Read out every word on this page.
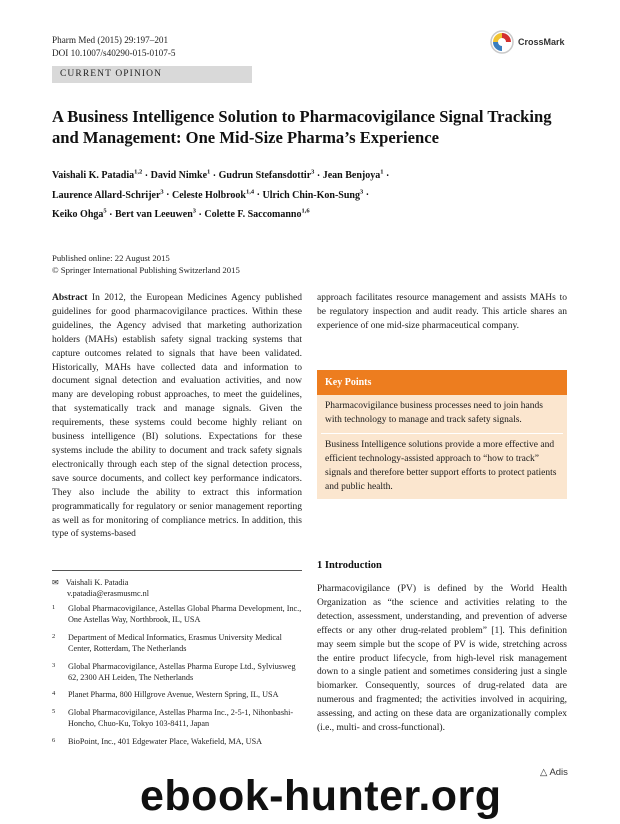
Pharm Med (2015) 29:197–201
DOI 10.1007/s40290-015-0107-5
CrossMark
CURRENT OPINION
A Business Intelligence Solution to Pharmacovigilance Signal Tracking and Management: One Mid-Size Pharma’s Experience
Vaishali K. Patadia$^{1,2}$ · David Nimke$^1$ · Gudrun Stefansdottir$^3$ · Jean Benjoya$^1$ ·
Laurence Allard-Schrijer$^3$ · Celeste Holbrook$^{1,4}$ · Ulrich Chin-Kon-Sung$^3$ ·
Keiko Ohga$^5$ · Bert van Leeuwen$^3$ · Colette F. Saccomanno$^{1,6}$
Published online: 22 August 2015
© Springer International Publishing Switzerland 2015
Abstract In 2012, the European Medicines Agency published guidelines for good pharmacovigilance practices. Within these guidelines, the Agency advised that marketing authorization holders (MAHs) establish safety signal tracking systems that capture outcomes related to signals that have been validated. Historically, MAHs have collected data and information to document signal detection and evaluation activities, and now many are developing robust approaches, to meet the guidelines, that systematically track and manage signals. Given the requirements, these systems could become highly reliant on business intelligence (BI) solutions. Expectations for these systems include the ability to document and track safety signals electronically through each step of the signal detection process, save source documents, and collect key performance indicators. They also include the ability to extract this information programmatically for regulatory or senior management reporting as well as for monitoring of compliance metrics. In addition, this type of systems-based
approach facilitates resource management and assists MAHs to be regulatory inspection and audit ready. This article shares an experience of one mid-size pharmaceutical company.
Key Points
Pharmacovigilance business processes need to join hands with technology to manage and track safety signals.
Business Intelligence solutions provide a more effective and efficient technology-assisted approach to “how to track” signals and therefore better support efforts to protect patients and public health.
1 Introduction
Pharmacovigilance (PV) is defined by the World Health Organization as “the science and activities relating to the detection, assessment, understanding, and prevention of adverse effects or any other drug-related problem” [1]. This definition may seem simple but the scope of PV is wide, stretching across the entire product lifecycle, from high-level risk management down to a single patient and sometimes considering just a single biomarker. Consequently, sources of drug-related data are numerous and fragmented; the activities involved in acquiring, assessing, and acting on these data are organizationally complex (i.e., multi- and cross-functional).
✉ Vaishali K. Patadia
v.patadia@erasmusmc.nl
1	Global Pharmacovigilance, Astellas Global Pharma Development, Inc., One Astellas Way, Northbrook, IL, USA
2	Department of Medical Informatics, Erasmus University Medical Center, Rotterdam, The Netherlands
3	Global Pharmacovigilance, Astellas Pharma Europe Ltd., Sylviusweg 62, 2300 AH Leiden, The Netherlands
4	Planet Pharma, 800 Hillgrove Avenue, Western Spring, IL, USA
5	Global Pharmacovigilance, Astellas Pharma Inc., 2-5-1, Nihonbashi-Honcho, Chuo-Ku, Tokyo 103-8411, Japan
6	BioPoint, Inc., 401 Edgewater Place, Wakefield, MA, USA
△ Adis
ebook-hunter.org
